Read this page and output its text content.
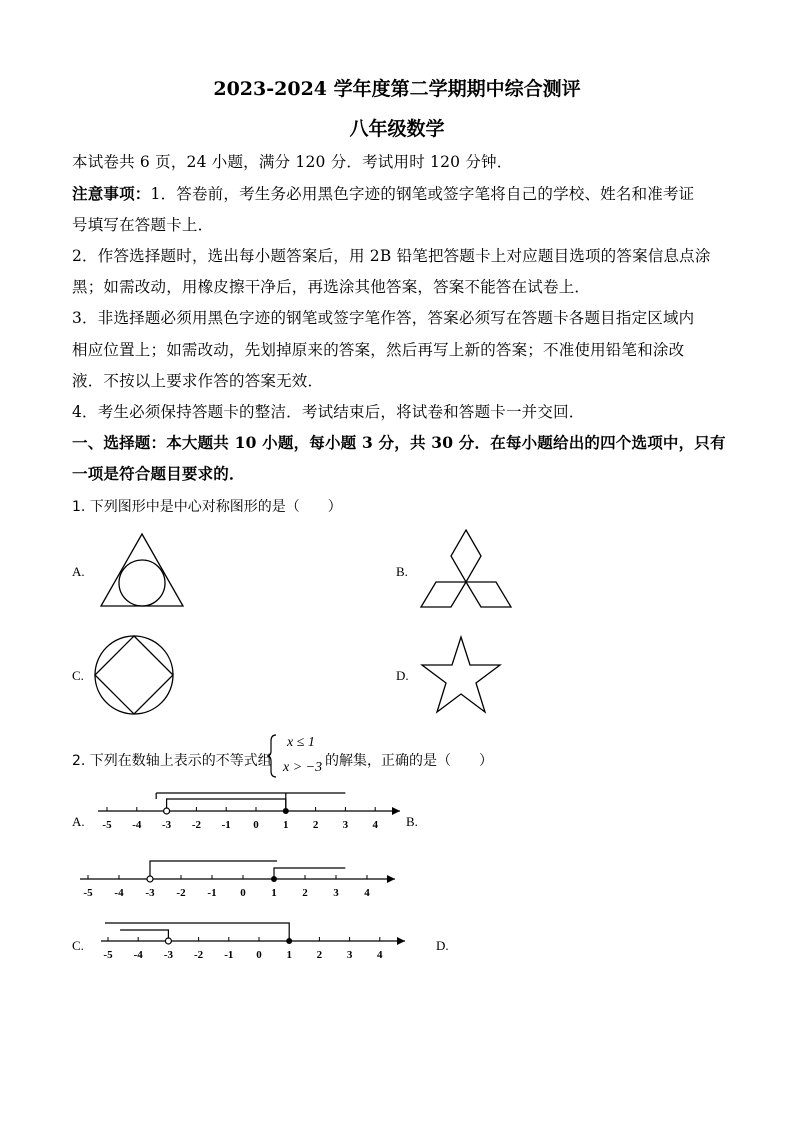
2023-2024 学年度第二学期期中综合测评
八年级数学
本试卷共 6 页，24 小题，满分 120 分．考试用时 120 分钟．
注意事项：1．答卷前，考生务必用黑色字迹的钢笔或签字笔将自己的学校、姓名和准考证
号填写在答题卡上．
2．作答选择题时，选出每小题答案后，用 2B 铅笔把答题卡上对应题目选项的答案信息点涂
黑；如需改动，用橡皮擦干净后，再选涂其他答案，答案不能答在试卷上．
3．非选择题必须用黑色字迹的钢笔或签字笔作答，答案必须写在答题卡各题目指定区域内
相应位置上；如需改动，先划掉原来的答案，然后再写上新的答案；不准使用铅笔和涂改
液．不按以上要求作答的答案无效．
4．考生必须保持答题卡的整洁．考试结束后，将试卷和答题卡一并交回．
一、选择题：本大题共 10 小题，每小题 3 分，共 30 分．在每小题给出的四个选项中，只有
一项是符合题目要求的．
1. 下列图形中是中心对称图形的是（　　）
A.	B.
C.	D.
2. 下列在数轴上表示的不等式组
x ≤ 1
x > −3 的解集，正确的是（　　）
A.	B.
C.	D.
-5 -4 -3 -2 -1 0 1 2 3 4
-5 -4 -3 -2 -1 0 1 2 3 4
-5 -4 -3 -2 -1 0 1 2 3 4
